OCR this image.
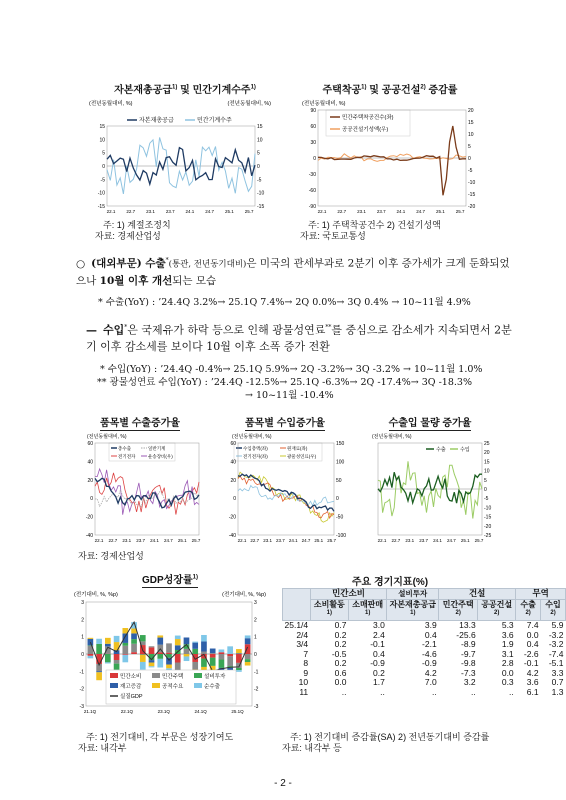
자본재총공급$^{1)}$ 및 민간기계수주$^{1)}$
(전년동월대비, %)	(전년동월대비, %)
자본재총공급	민간기계수주
15
10
5
0
-5
-10
-15
15
10
5
0
-5
-10
-15
22.1 22.7 23.1 23.7 24.1 24.7 25.1 25.7
주택착공$^{1)}$ 및 공공건설$^{2)}$ 증감률
(전년동월대비, %)
민간주택착공건수(좌)
공공건설기성액(우)
90
60
30
0
-30
-60
-90
20
15
10
5
0
-5
-10
-15
-20
22.1 22.7 23.1 23.7 24.1 24.7 25.1 25.7
주: 1) 계절조정치
자료: 경제산업성
주: 1) 주택착공건수 2) 건설기성액
자료: 국토교통성
○ (대외부문) 수출*(통관, 전년동기대비)은 미국의 관세부과로 2분기 이후 증가세가 크게 둔화되었으나 10월 이후 개선되는 모습
* 수출(YoY) : ’24.4Q 3.2%→ 25.1Q 7.4%→ 2Q 0.0%→ 3Q 0.4% → 10~11월 4.9%
— 수입*은 국제유가 하락 등으로 인해 광물성연료**를 중심으로 감소세가 지속되면서 2분기 이후 감소세를 보이다 10월 이후 소폭 증가 전환
* 수입(YoY) : ’24.4Q -0.4%→ 25.1Q 5.9%→ 2Q -3.2%→ 3Q -3.2% → 10~11월 1.0%
** 광물성연료 수입(YoY) : ’24.4Q -12.5%→ 25.1Q -6.3%→ 2Q -17.4%→ 3Q -18.3%
→ 10~11월 -10.4%
품목별 수출증가율
(전년동월대비, %)
총수출	일반기계
전기전자	운송장비(우)
60
40
20
0
-20
-40
22.1 22.7 23.1 23.7 24.1 24.7 25.1 25.7
품목별 수입증가율
(전년동월대비, %)
수입총액(좌)	원재료(좌)
전기전자(좌)	광물성연료(우)
60
40
20
0
-20
-40
150
100
50
0
-50
-100
22.1 22.7 23.1 23.7 24.1 24.7 25.1 25.7
수출입 물량 증가율
(전년동월대비, %)
수출	수입
25
20
15
10
5
0
-5
-10
-15
-20
-25
22.1 22.7 23.1 23.7 24.1 24.7 25.1 25.7
자료: 경제산업성
GDP성장률$^{1)}$
(전기대비, %, %p)	(전기대비, %, %p)
3
2
1
0
-1
-2
-3
3
2
1
0
-1
-2
-3
21.1Q	22.1Q	23.1Q	24.1Q	25.1Q
민간소비	민간주택	설비투자
재고증감	공적수요	순수출
실질GDP
주: 1) 전기대비, 각 부문은 성장기여도
자료: 내각부
주요 경기지표(%)
	민간소비		설비투자	건설		무역	
	소비활동$^{1)}$	소매판매$^{1)}$	자본재총공급$^{1)}$	민간주택$^{2)}$	공공건설$^{2)}$	수출$^{2)}$	수입$^{2)}$
25.1/4	0.7	3.0	3.9	13.3	5.3	7.4	5.9
2/4	0.2	2.4	0.4	-25.6	3.6	0.0	-3.2
3/4	0.2	-0.1	-2.1	-8.9	1.9	0.4	-3.2
7	-0.5	0.4	-4.6	-9.7	3.1	-2.6	-7.4
8	0.2	-0.9	-0.9	-9.8	2.8	-0.1	-5.1
9	0.6	0.2	4.2	-7.3	0.0	4.2	3.3
10	0.0	1.7	7.0	3.2	0.3	3.6	0.7
11	..	..	..	..	..	6.1	1.3
주: 1) 전기대비 증감률(SA) 2) 전년동기대비 증감률
자료: 내각부 등
- 2 -
